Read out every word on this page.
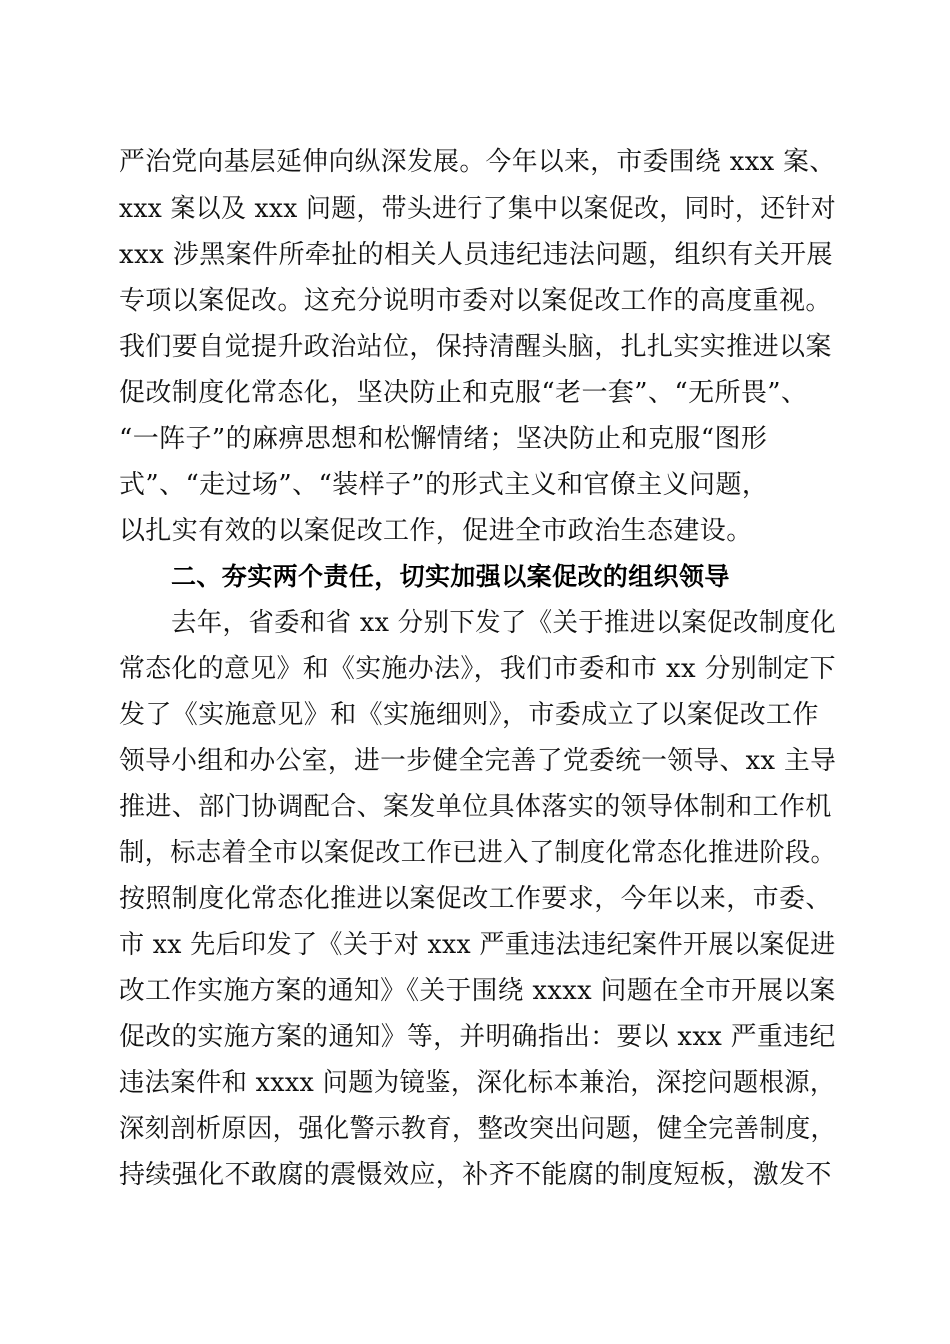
严治党向基层延伸向纵深发展。今年以来，市委围绕 xxx 案、
xxx 案以及 xxx 问题，带头进行了集中以案促改，同时，还针对
xxx 涉黑案件所牵扯的相关人员违纪违法问题，组织有关开展
专项以案促改。这充分说明市委对以案促改工作的高度重视。
我们要自觉提升政治站位，保持清醒头脑，扎扎实实推进以案
促改制度化常态化，坚决防止和克服“老一套”、“无所畏”、
“一阵子”的麻痹思想和松懈情绪；坚决防止和克服“图形
式”、“走过场”、“装样子”的形式主义和官僚主义问题，
以扎实有效的以案促改工作，促进全市政治生态建设。
二、夯实两个责任，切实加强以案促改的组织领导
去年，省委和省 xx 分别下发了《关于推进以案促改制度化
常态化的意见》和《实施办法》，我们市委和市 xx 分别制定下
发了《实施意见》和《实施细则》，市委成立了以案促改工作
领导小组和办公室，进一步健全完善了党委统一领导、xx 主导
推进、部门协调配合、案发单位具体落实的领导体制和工作机
制，标志着全市以案促改工作已进入了制度化常态化推进阶段。
按照制度化常态化推进以案促改工作要求，今年以来，市委、
市 xx 先后印发了《关于对 xxx 严重违法违纪案件开展以案促进
改工作实施方案的通知》《关于围绕 xxxx 问题在全市开展以案
促改的实施方案的通知》等，并明确指出：要以 xxx 严重违纪
违法案件和 xxxx 问题为镜鉴，深化标本兼治，深挖问题根源，
深刻剖析原因，强化警示教育，整改突出问题，健全完善制度，
持续强化不敢腐的震慑效应，补齐不能腐的制度短板，激发不
